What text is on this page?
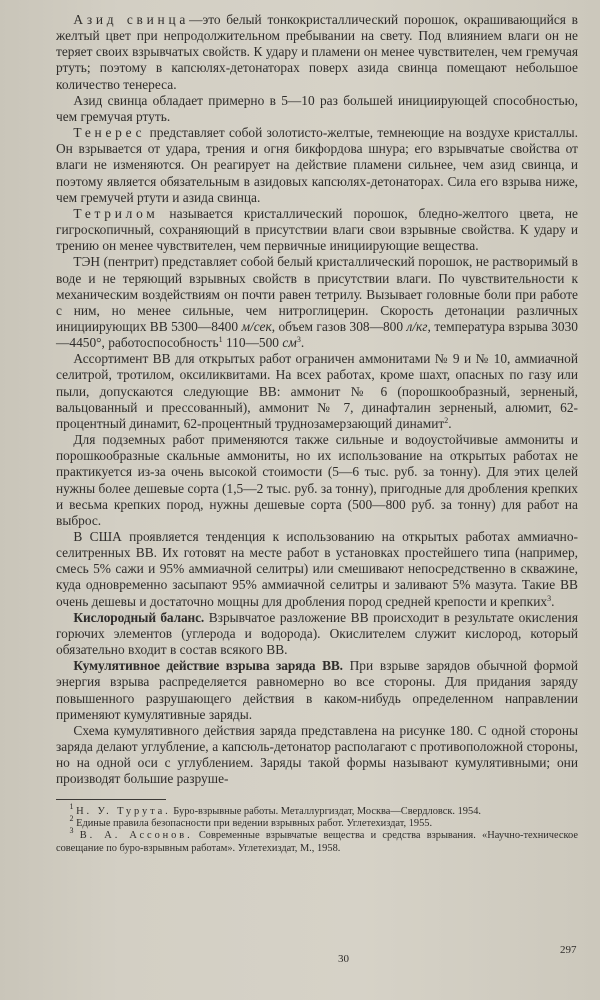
Азид свинца—это белый тонкокристаллический порошок, окрашивающийся в желтый цвет при непродолжительном пребывании на свету. Под влиянием влаги он не теряет своих взрывчатых свойств. К удару и пламени он менее чувствителен, чем гремучая ртуть; поэтому в капсюлях-детонаторах поверх азида свинца помещают небольшое количество тенереса.

Азид свинца обладает примерно в 5—10 раз большей инициирующей способностью, чем гремучая ртуть.

Тенерес представляет собой золотисто-желтые, темнеющие на воздухе кристаллы. Он взрывается от удара, трения и огня бикфордова шнура; его взрывчатые свойства от влаги не изменяются. Он реагирует на действие пламени сильнее, чем азид свинца, и поэтому является обязательным в азидовых капсюлях-детонаторах. Сила его взрыва ниже, чем гремучей ртути и азида свинца.

Тетрилом называется кристаллический порошок, бледно-желтого цвета, не гигроскопичный, сохраняющий в присутствии влаги свои взрывные свойства. К удару и трению он менее чувствителен, чем первичные инициирующие вещества.

ТЭН (пентрит) представляет собой белый кристаллический порошок, не растворимый в воде и не теряющий взрывных свойств в присутствии влаги. По чувствительности к механическим воздействиям он почти равен тетрилу. Вызывает головные боли при работе с ним, но менее сильные, чем нитроглицерин. Скорость детонации различных инициирующих ВВ 5300—8400 м/сек, объем газов 308—800 л/кг, температура взрыва 3030—4450°, работоспособность$^1$ 110—500 $см^3$.

Ассортимент ВВ для открытых работ ограничен аммонитами № 9 и № 10, аммиачной селитрой, тротилом, оксиликвитами. На всех работах, кроме шахт, опасных по газу или пыли, допускаются следующие ВВ: аммонит № 6 (порошкообразный, зерненый, вальцованный и прессованный), аммонит № 7, динафталин зерненый, алюмит, 62-процентный динамит, 62-процентный труднозамерзающий динамит$^2$.

Для подземных работ применяются также сильные и водоустойчивые аммониты и порошкообразные скальные аммониты, но их использование на открытых работах не практикуется из-за очень высокой стоимости (5—6 тыс. руб. за тонну). Для этих целей нужны более дешевые сорта (1,5—2 тыс. руб. за тонну), пригодные для дробления крепких и весьма крепких пород, нужны дешевые сорта (500—800 руб. за тонну) для работ на выброс.

В США проявляется тенденция к использованию на открытых работах аммиачно-селитренных ВВ. Их готовят на месте работ в установках простейшего типа (например, смесь 5% сажи и 95% аммиачной селитры) или смешивают непосредственно в скважине, куда одновременно засыпают 95% аммиачной селитры и заливают 5% мазута. Такие ВВ очень дешевы и достаточно мощны для дробления пород средней крепости и крепких$^3$.

Кислородный баланс. Взрывчатое разложение ВВ происходит в результате окисления горючих элементов (углерода и водорода). Окислителем служит кислород, который обязательно входит в состав всякого ВВ.

Кумулятивное действие взрыва заряда ВВ. При взрыве зарядов обычной формой энергия взрыва распределяется равномерно во все стороны. Для придания заряду повышенного разрушающего действия в каком-нибудь определенном направлении применяют кумулятивные заряды.

Схема кумулятивного действия заряда представлена на рисунке 180. С одной стороны заряда делают углубление, а капсюль-детонатор располагают с противоположной стороны, но на одной оси с углублением. Заряды такой формы называют кумулятивными; они производят большие разруше-

$^1$ Н. У. Турута. Буро-взрывные работы. Металлургиздат, Москва—Свердловск. 1954.

$^2$ Единые правила безопасности при ведении взрывных работ. Углетехиздат, 1955.

$^3$ В. А. Ассонов. Современные взрывчатые вещества и средства взрывания. «Научно-техническое совещание по буро-взрывным работам». Углетехиздат, М., 1958.

30
297
